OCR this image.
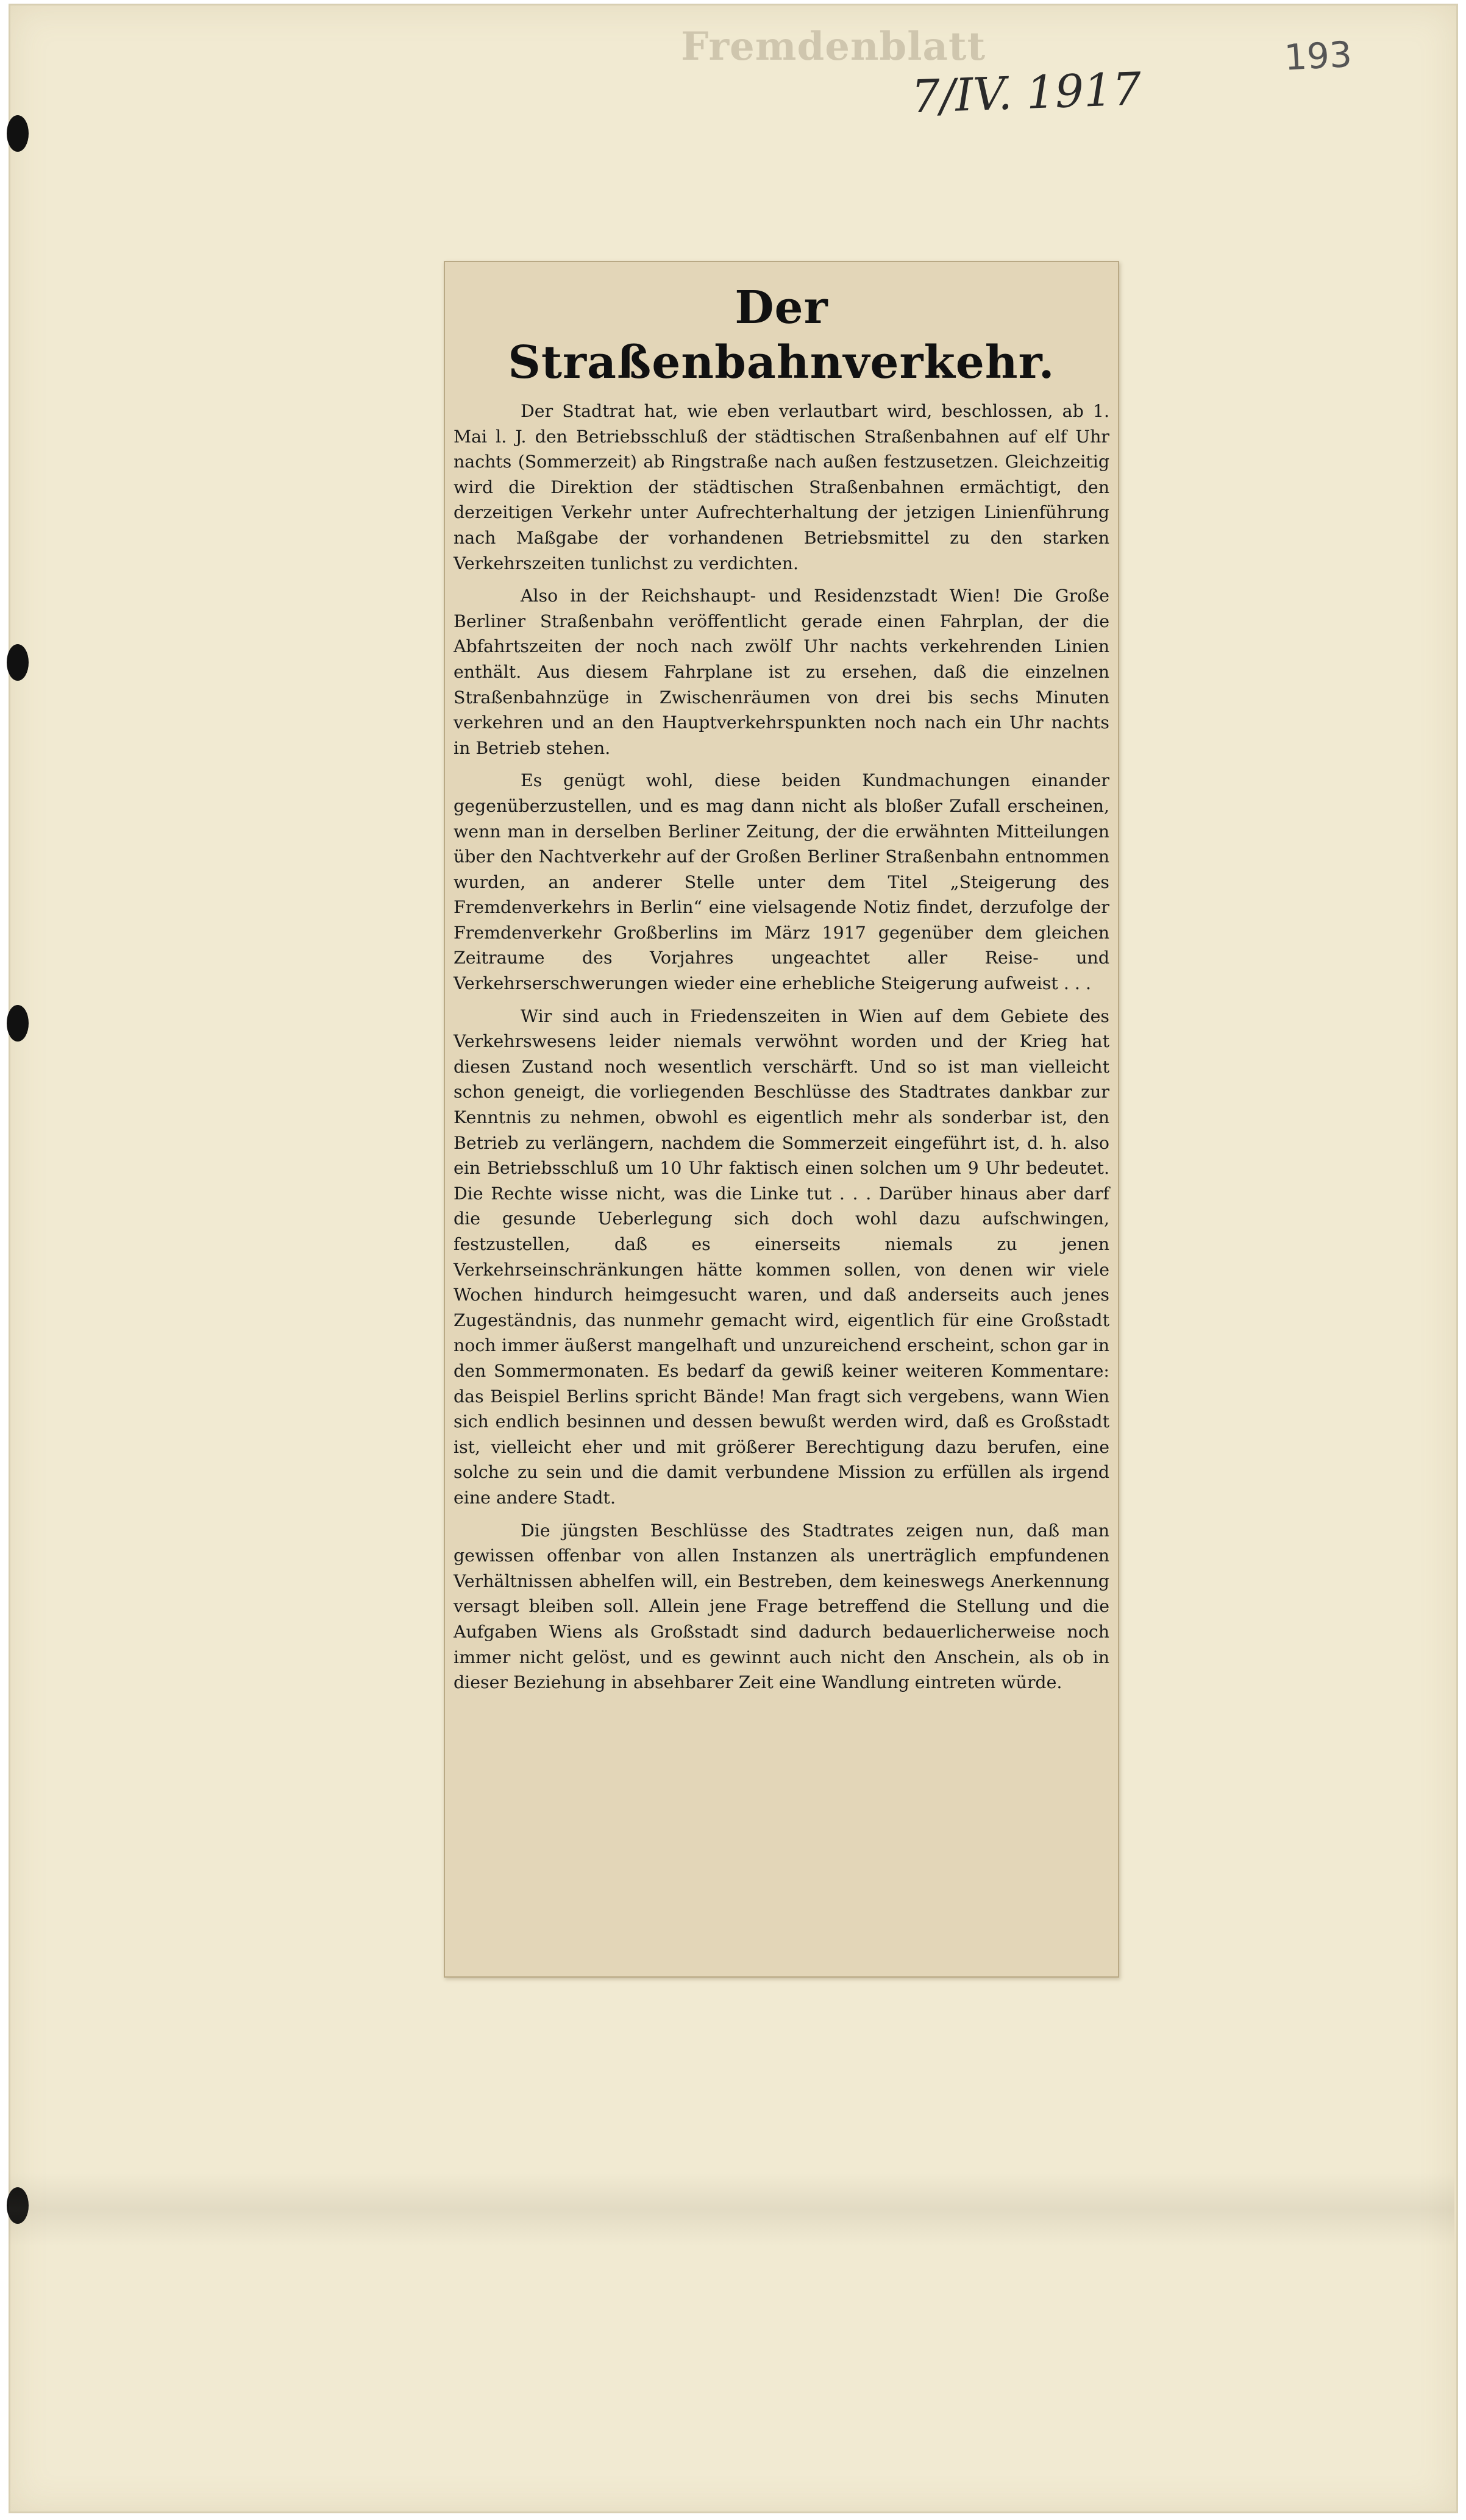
Fremdenblatt
7/IV. 1917
193
Der Straßenbahnverkehr.

Der Stadtrat hat, wie eben verlautbart wird, beschlossen, ab 1. Mai l. J. den Betriebsschluß der städtischen Straßenbahnen auf elf Uhr nachts (Sommerzeit) ab Ringstraße nach außen festzusetzen. Gleichzeitig wird die Direktion der städtischen Straßenbahnen ermächtigt, den derzeitigen Verkehr unter Aufrechterhaltung der jetzigen Linienführung nach Maßgabe der vorhandenen Betriebsmittel zu den starken Verkehrszeiten tunlichst zu verdichten.

Also in der Reichshaupt- und Residenzstadt Wien! Die Große Berliner Straßenbahn veröffentlicht gerade einen Fahrplan, der die Abfahrtszeiten der noch nach zwölf Uhr nachts verkehrenden Linien enthält. Aus diesem Fahrplane ist zu ersehen, daß die einzelnen Straßenbahnzüge in Zwischenräumen von drei bis sechs Minuten verkehren und an den Hauptverkehrspunkten noch nach ein Uhr nachts in Betrieb stehen.

Es genügt wohl, diese beiden Kundmachungen einander gegenüberzustellen, und es mag dann nicht als bloßer Zufall erscheinen, wenn man in derselben Berliner Zeitung, der die erwähnten Mitteilungen über den Nachtverkehr auf der Großen Berliner Straßenbahn entnommen wurden, an anderer Stelle unter dem Titel „Steigerung des Fremdenverkehrs in Berlin“ eine vielsagende Notiz findet, derzufolge der Fremdenverkehr Großberlins im März 1917 gegenüber dem gleichen Zeitraume des Vorjahres ungeachtet aller Reise- und Verkehrserschwerungen wieder eine erhebliche Steigerung aufweist . . .

Wir sind auch in Friedenszeiten in Wien auf dem Gebiete des Verkehrswesens leider niemals verwöhnt worden und der Krieg hat diesen Zustand noch wesentlich verschärft. Und so ist man vielleicht schon geneigt, die vorliegenden Beschlüsse des Stadtrates dankbar zur Kenntnis zu nehmen, obwohl es eigentlich mehr als sonderbar ist, den Betrieb zu verlängern, nachdem die Sommerzeit eingeführt ist, d. h. also ein Betriebsschluß um 10 Uhr faktisch einen solchen um 9 Uhr bedeutet. Die Rechte wisse nicht, was die Linke tut . . . Darüber hinaus aber darf die gesunde Ueberlegung sich doch wohl dazu aufschwingen, festzustellen, daß es einerseits niemals zu jenen Verkehrseinschränkungen hätte kommen sollen, von denen wir viele Wochen hindurch heimgesucht waren, und daß anderseits auch jenes Zugeständnis, das nunmehr gemacht wird, eigentlich für eine Großstadt noch immer äußerst mangelhaft und unzureichend erscheint, schon gar in den Sommermonaten. Es bedarf da gewiß keiner weiteren Kommentare: das Beispiel Berlins spricht Bände! Man fragt sich vergebens, wann Wien sich endlich besinnen und dessen bewußt werden wird, daß es Großstadt ist, vielleicht eher und mit größerer Berechtigung dazu berufen, eine solche zu sein und die damit verbundene Mission zu erfüllen als irgend eine andere Stadt.

Die jüngsten Beschlüsse des Stadtrates zeigen nun, daß man gewissen offenbar von allen Instanzen als unerträglich empfundenen Verhältnissen abhelfen will, ein Bestreben, dem keineswegs Anerkennung versagt bleiben soll. Allein jene Frage betreffend die Stellung und die Aufgaben Wiens als Großstadt sind dadurch bedauerlicherweise noch immer nicht gelöst, und es gewinnt auch nicht den Anschein, als ob in dieser Beziehung in absehbarer Zeit eine Wandlung eintreten würde.
